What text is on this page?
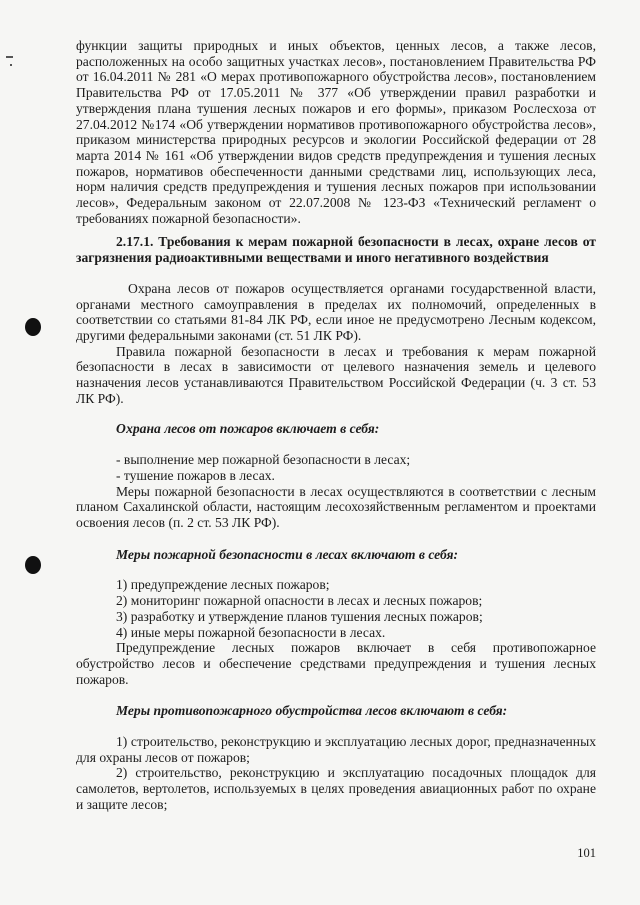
функции защиты природных и иных объектов, ценных лесов, а также лесов, расположенных на особо защитных участках лесов», постановлением Правительства РФ от 16.04.2011 № 281 «О мерах противопожарного обустройства лесов», постановлением Правительства РФ от 17.05.2011 № 377 «Об утверждении правил разработки и утверждения плана тушения лесных пожаров и его формы», приказом Рослесхоза от 27.04.2012 №174 «Об утверждении нормативов противопожарного обустройства лесов», приказом министерства природных ресурсов и экологии Российской федерации от 28 марта 2014 № 161 «Об утверждении видов средств предупреждения и тушения лесных пожаров, нормативов обеспеченности данными средствами лиц, использующих леса, норм наличия средств предупреждения и тушения лесных пожаров при использовании лесов», Федеральным законом от 22.07.2008 № 123-ФЗ «Технический регламент о требованиях пожарной безопасности».

2.17.1. Требования к мерам пожарной безопасности в лесах, охране лесов от загрязнения радиоактивными веществами и иного негативного воздействия

Охрана лесов от пожаров осуществляется органами государственной власти, органами местного самоуправления в пределах их полномочий, определенных в соответствии со статьями 81-84 ЛК РФ, если иное не предусмотрено Лесным кодексом, другими федеральными законами (ст. 51 ЛК РФ).

Правила пожарной безопасности в лесах и требования к мерам пожарной безопасности в лесах в зависимости от целевого назначения земель и целевого назначения лесов устанавливаются Правительством Российской Федерации (ч. 3 ст. 53 ЛК РФ).

Охрана лесов от пожаров включает в себя:

- выполнение мер пожарной безопасности в лесах;

- тушение пожаров в лесах.

Меры пожарной безопасности в лесах осуществляются в соответствии с лесным планом Сахалинской области, настоящим лесохозяйственным регламентом и проектами освоения лесов (п. 2 ст. 53 ЛК РФ).

Меры пожарной безопасности в лесах включают в себя:

1) предупреждение лесных пожаров;

2) мониторинг пожарной опасности в лесах и лесных пожаров;

3) разработку и утверждение планов тушения лесных пожаров;

4) иные меры пожарной безопасности в лесах.

Предупреждение лесных пожаров включает в себя противопожарное обустройство лесов и обеспечение средствами предупреждения и тушения лесных пожаров.

Меры противопожарного обустройства лесов включают в себя:

1) строительство, реконструкцию и эксплуатацию лесных дорог, предназначенных для охраны лесов от пожаров;

2) строительство, реконструкцию и эксплуатацию посадочных площадок для самолетов, вертолетов, используемых в целях проведения авиационных работ по охране и защите лесов;

101
